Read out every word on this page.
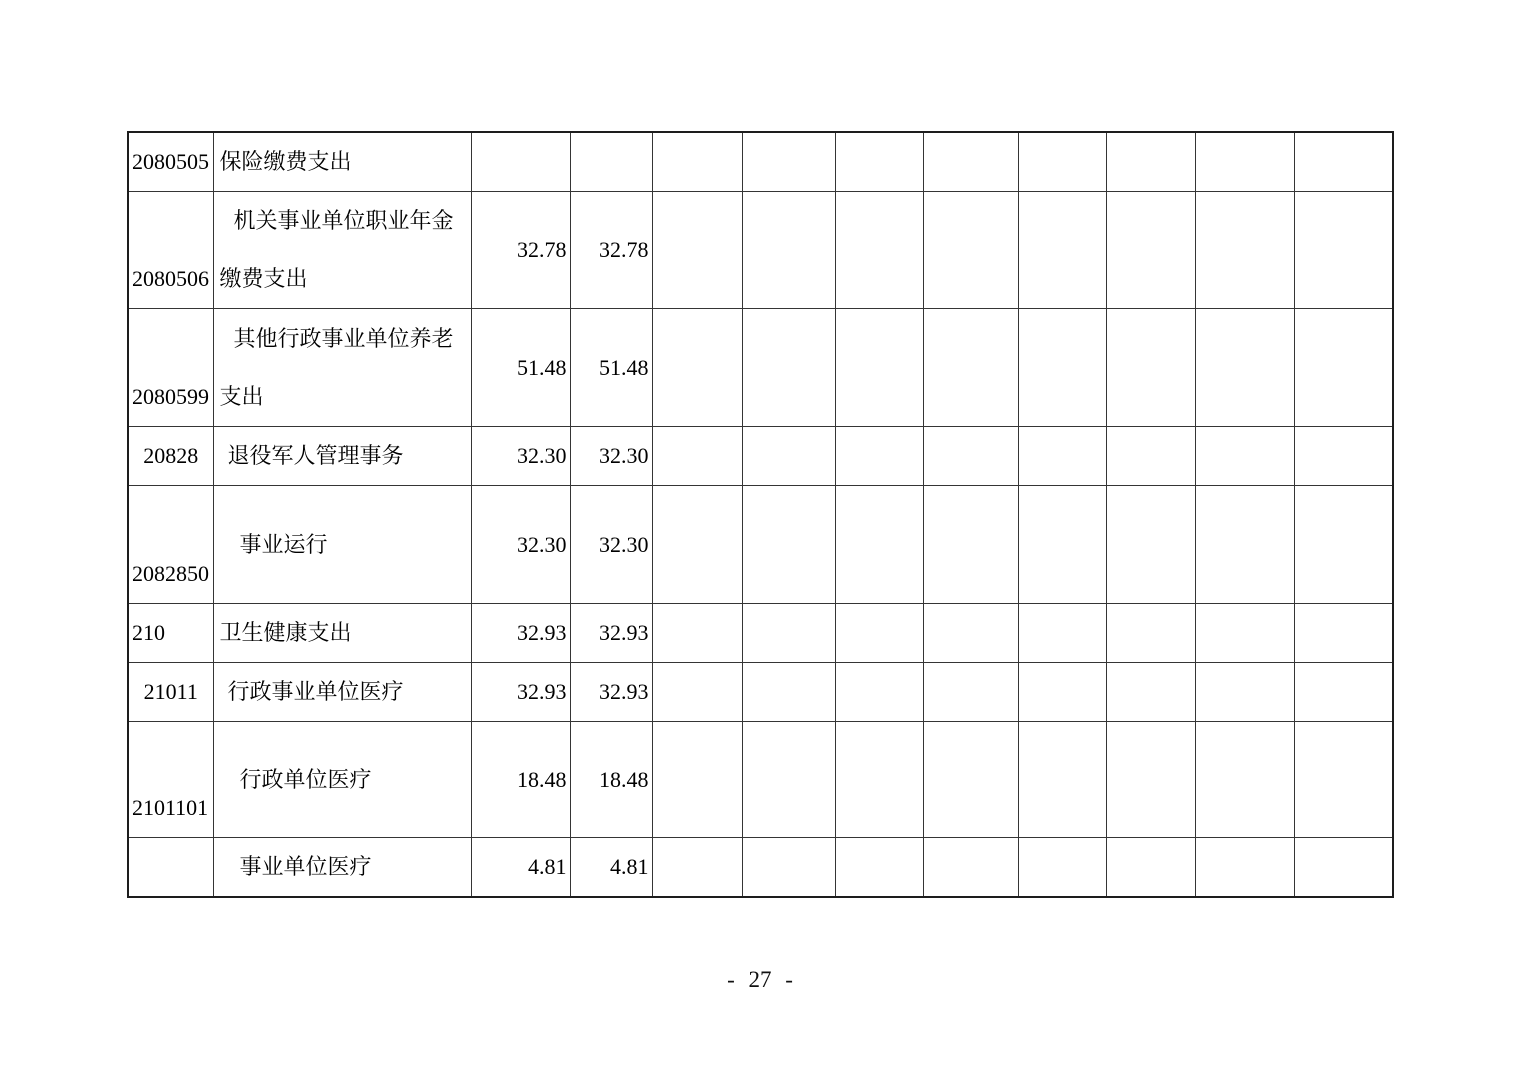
2080505	保险缴费支出										

2080506	机关事业单位职业年金
缴费支出	32.78	32.78								

2080599	其他行政事业单位养老
支出	51.48	51.48								

20828	退役军人管理事务	32.30	32.30								

2082850	事业运行	32.30	32.30								

210	卫生健康支出	32.93	32.93								

21011	行政事业单位医疗	32.93	32.93								

2101101	行政单位医疗	18.48	18.48								

	事业单位医疗	4.81	4.81								

- 27 -
